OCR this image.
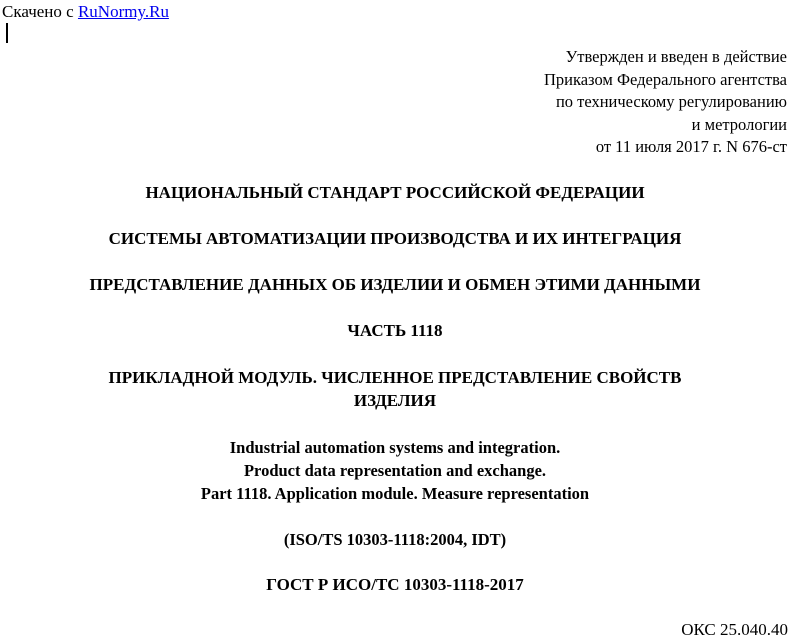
Скачено с RuNormy.Ru
Утвержден и введен в действие
Приказом Федерального агентства
по техническому регулированию
и метрологии
от 11 июля 2017 г. N 676-ст
НАЦИОНАЛЬНЫЙ СТАНДАРТ РОССИЙСКОЙ ФЕДЕРАЦИИ
СИСТЕМЫ АВТОМАТИЗАЦИИ ПРОИЗВОДСТВА И ИХ ИНТЕГРАЦИЯ
ПРЕДСТАВЛЕНИЕ ДАННЫХ ОБ ИЗДЕЛИИ И ОБМЕН ЭТИМИ ДАННЫМИ
ЧАСТЬ 1118
ПРИКЛАДНОЙ МОДУЛЬ. ЧИСЛЕННОЕ ПРЕДСТАВЛЕНИЕ СВОЙСТВ
ИЗДЕЛИЯ
Industrial automation systems and integration.
Product data representation and exchange.
Part 1118. Application module. Measure representation
(ISO/TS 10303-1118:2004, IDT)
ГОСТ Р ИСО/ТС 10303-1118-2017
ОКС 25.040.40
